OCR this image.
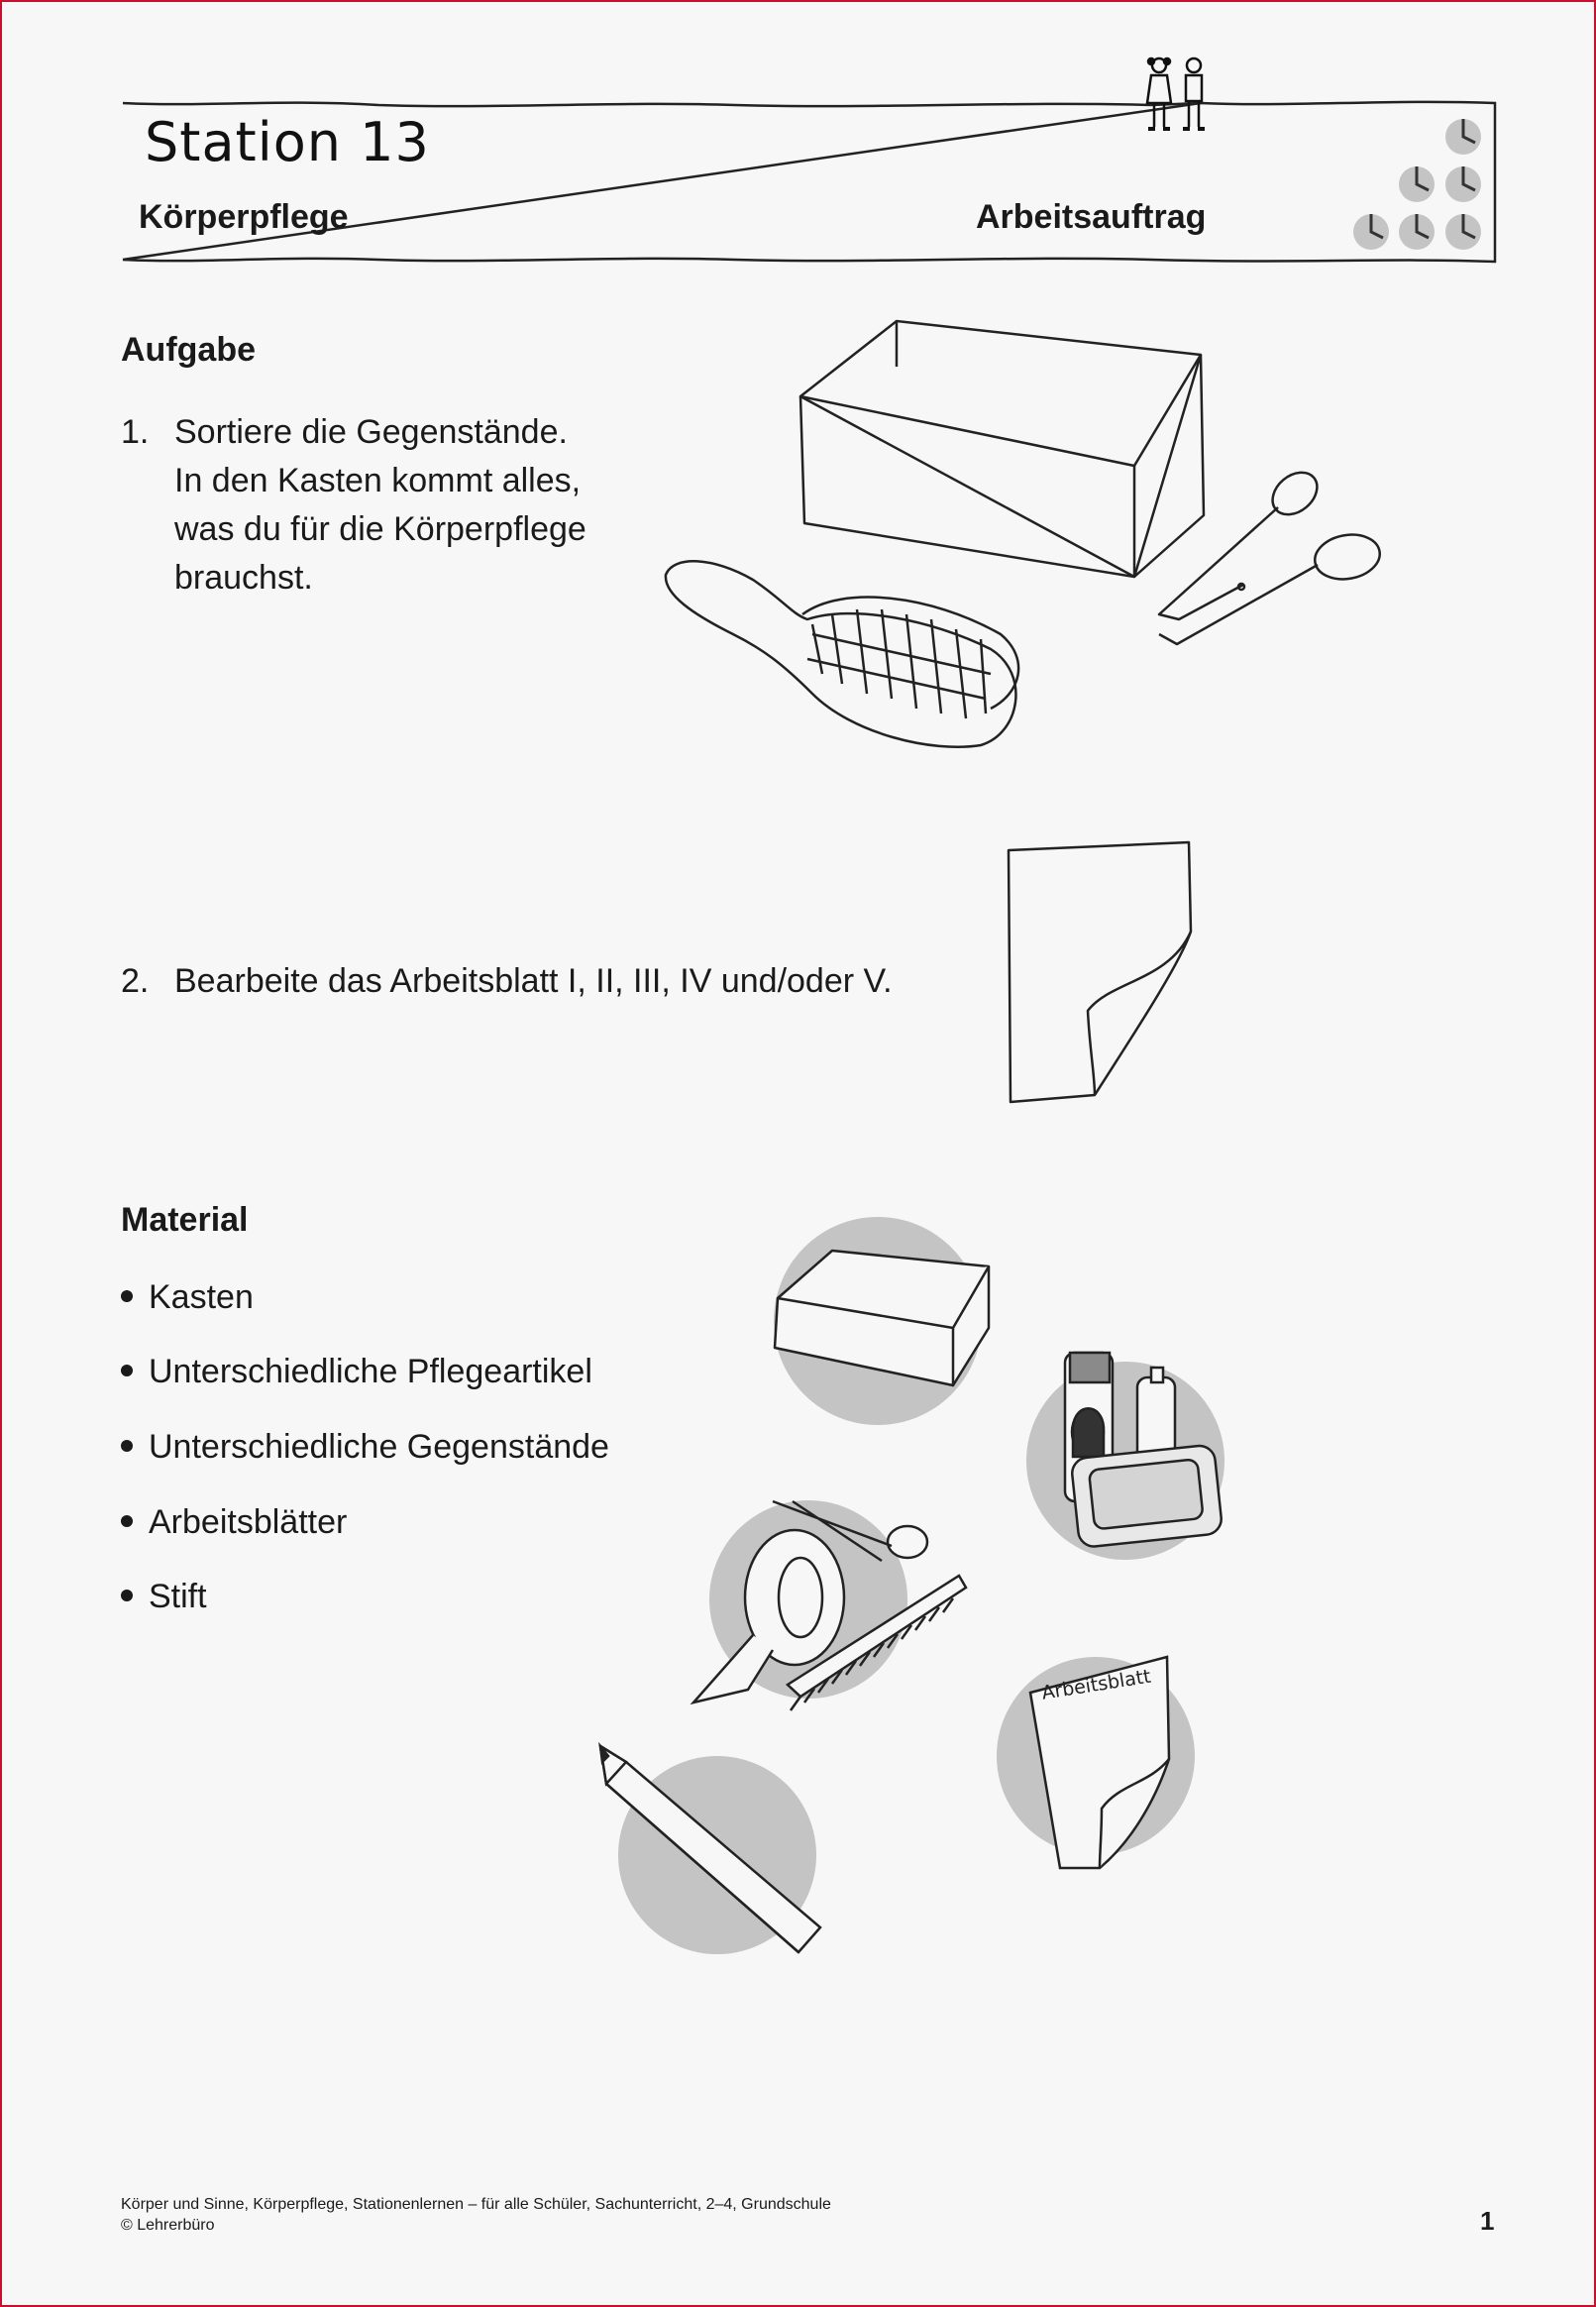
Station 13
Körperpflege	Arbeitsauftrag
Aufgabe
1. Sortiere die Gegenstände.
In den Kasten kommt alles,
was du für die Körperpflege
brauchst.
2. Bearbeite das Arbeitsblatt I, II, III, IV und/oder V.
Material
Kasten
Unterschiedliche Pflegeartikel
Unterschiedliche Gegenstände
Arbeitsblätter
Stift
Arbeitsblatt
Körper und Sinne, Körperpflege, Stationenlernen – für alle Schüler, Sachunterricht, 2–4, Grundschule
© Lehrerbüro	1
